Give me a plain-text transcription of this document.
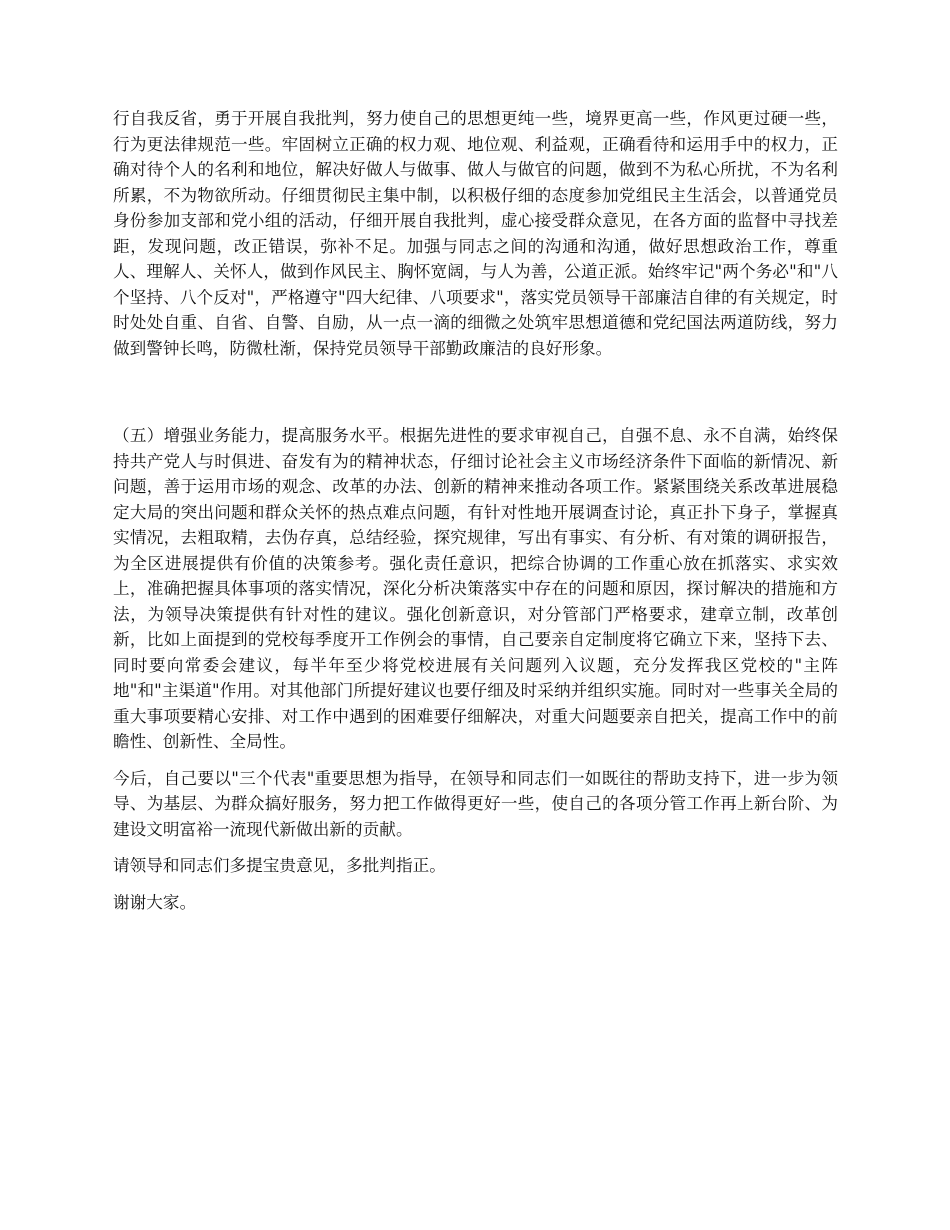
行自我反省，勇于开展自我批判，努力使自己的思想更纯一些，境界更高一些，作风更过硬一些，行为更法律规范一些。牢固树立正确的权力观、地位观、利益观，正确看待和运用手中的权力，正确对待个人的名利和地位，解决好做人与做事、做人与做官的问题，做到不为私心所扰，不为名利所累，不为物欲所动。仔细贯彻民主集中制，以积极仔细的态度参加党组民主生活会，以普通党员身份参加支部和党小组的活动，仔细开展自我批判，虚心接受群众意见，在各方面的监督中寻找差距，发现问题，改正错误，弥补不足。加强与同志之间的沟通和沟通，做好思想政治工作，尊重人、理解人、关怀人，做到作风民主、胸怀宽阔，与人为善，公道正派。始终牢记"两个务必"和"八个坚持、八个反对"，严格遵守"四大纪律、八项要求"，落实党员领导干部廉洁自律的有关规定，时时处处自重、自省、自警、自励，从一点一滴的细微之处筑牢思想道德和党纪国法两道防线，努力做到警钟长鸣，防微杜渐，保持党员领导干部勤政廉洁的良好形象。

（五）增强业务能力，提高服务水平。根据先进性的要求审视自己，自强不息、永不自满，始终保持共产党人与时俱进、奋发有为的精神状态，仔细讨论社会主义市场经济条件下面临的新情况、新问题，善于运用市场的观念、改革的办法、创新的精神来推动各项工作。紧紧围绕关系改革进展稳定大局的突出问题和群众关怀的热点难点问题，有针对性地开展调查讨论，真正扑下身子，掌握真实情况，去粗取精，去伪存真，总结经验，探究规律，写出有事实、有分析、有对策的调研报告，为全区进展提供有价值的决策参考。强化责任意识，把综合协调的工作重心放在抓落实、求实效上，准确把握具体事项的落实情况，深化分析决策落实中存在的问题和原因，探讨解决的措施和方法，为领导决策提供有针对性的建议。强化创新意识，对分管部门严格要求，建章立制，改革创新，比如上面提到的党校每季度开工作例会的事情，自己要亲自定制度将它确立下来，坚持下去、同时要向常委会建议，每半年至少将党校进展有关问题列入议题，充分发挥我区党校的"主阵地"和"主渠道"作用。对其他部门所提好建议也要仔细及时采纳并组织实施。同时对一些事关全局的重大事项要精心安排、对工作中遇到的困难要仔细解决，对重大问题要亲自把关，提高工作中的前瞻性、创新性、全局性。

今后，自己要以"三个代表"重要思想为指导，在领导和同志们一如既往的帮助支持下，进一步为领导、为基层、为群众搞好服务，努力把工作做得更好一些，使自己的各项分管工作再上新台阶、为建设文明富裕一流现代新做出新的贡献。

请领导和同志们多提宝贵意见，多批判指正。

谢谢大家。
